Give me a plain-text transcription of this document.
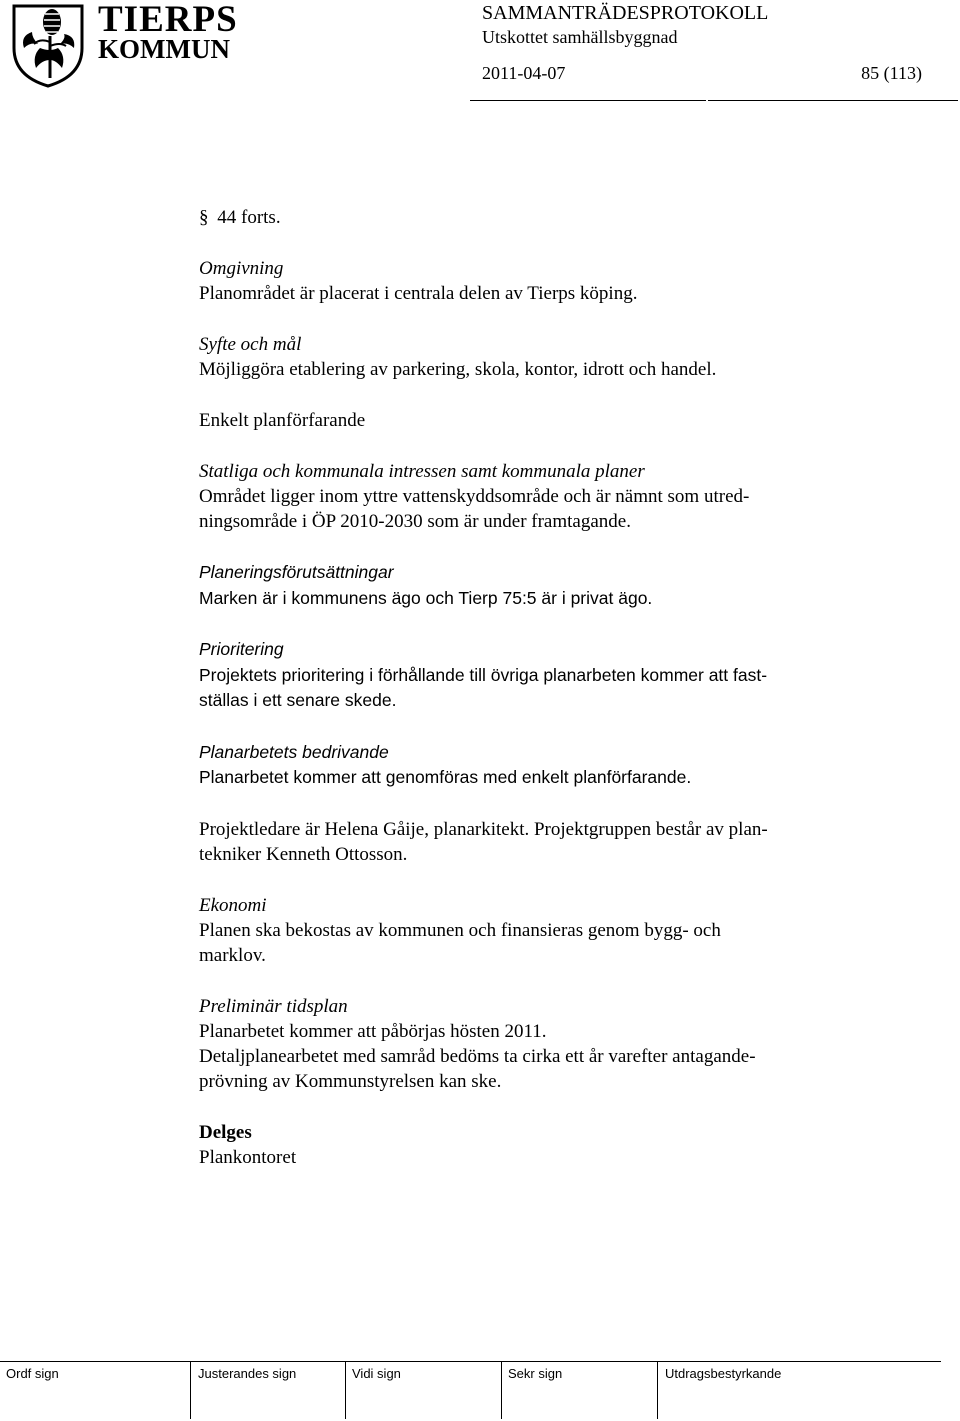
TIERPS
KOMMUN
SAMMANTRÄDESPROTOKOLL
Utskottet samhällsbyggnad
2011-04-07	85 (113)
§ 44 forts.
Omgivning
Planområdet är placerat i centrala delen av Tierps köping.
Syfte och mål
Möjliggöra etablering av parkering, skola, kontor, idrott och handel.
Enkelt planförfarande
Statliga och kommunala intressen samt kommunala planer
Området ligger inom yttre vattenskyddsområde och är nämnt som utred-
ningsområde i ÖP 2010-2030 som är under framtagande.
Planeringsförutsättningar
Marken är i kommunens ägo och Tierp 75:5 är i privat ägo.
Prioritering
Projektets prioritering i förhållande till övriga planarbeten kommer att fast-
ställas i ett senare skede.
Planarbetets bedrivande
Planarbetet kommer att genomföras med enkelt planförfarande.
Projektledare är Helena Gåije, planarkitekt. Projektgruppen består av plan-
tekniker Kenneth Ottosson.
Ekonomi
Planen ska bekostas av kommunen och finansieras genom bygg- och
marklov.
Preliminär tidsplan
Planarbetet kommer att påbörjas hösten 2011.
Detaljplanearbetet med samråd bedöms ta cirka ett år varefter antagande-
prövning av Kommunstyrelsen kan ske.
Delges
Plankontoret
Ordf sign	Justerandes sign	Vidi sign	Sekr sign	Utdragsbestyrkande
